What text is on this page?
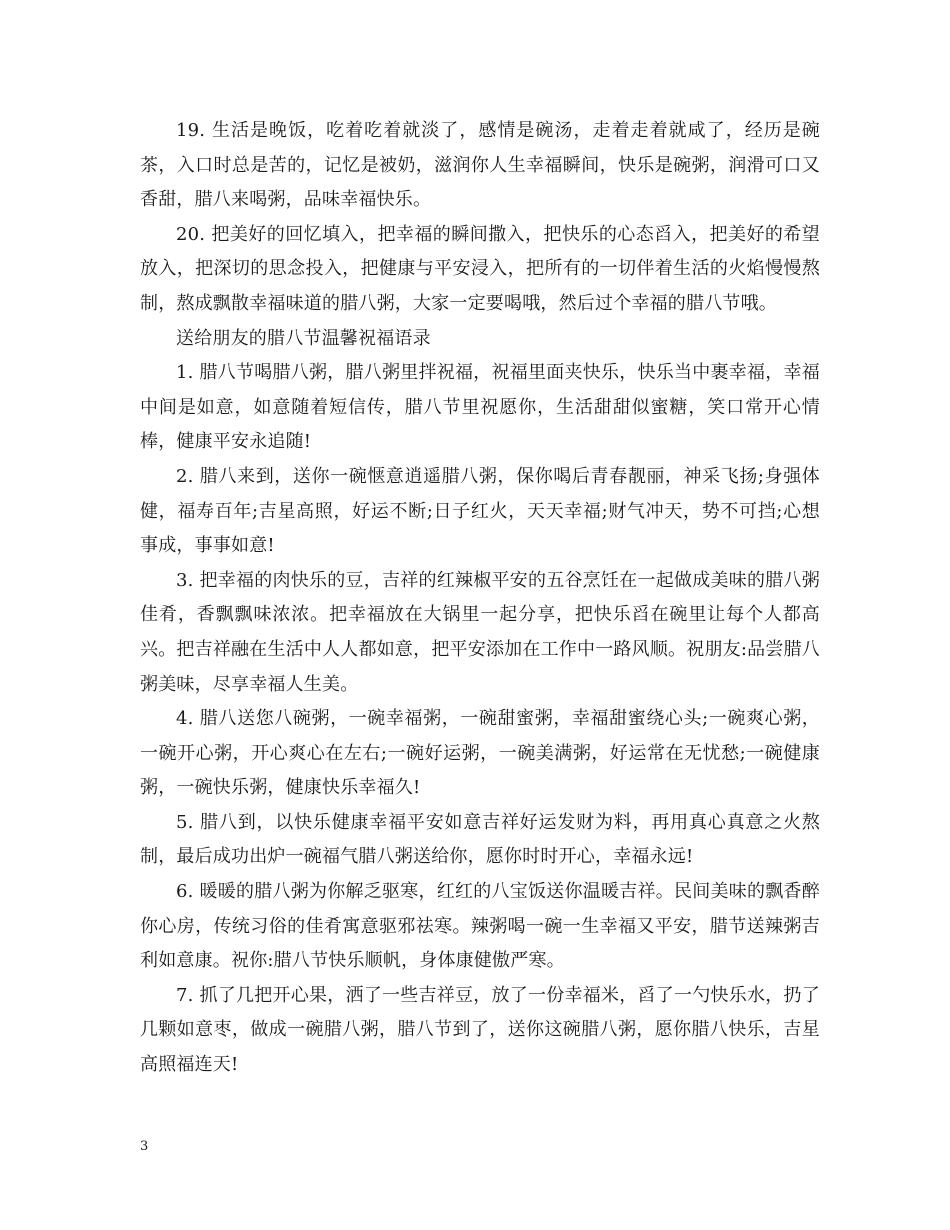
19. 生活是晚饭，吃着吃着就淡了，感情是碗汤，走着走着就咸了，经历是碗茶，入口时总是苦的，记忆是被奶，滋润你人生幸福瞬间，快乐是碗粥，润滑可口又香甜，腊八来喝粥，品味幸福快乐。

20. 把美好的回忆填入，把幸福的瞬间撒入，把快乐的心态舀入，把美好的希望放入，把深切的思念投入，把健康与平安浸入，把所有的一切伴着生活的火焰慢慢熬制，熬成飘散幸福味道的腊八粥，大家一定要喝哦，然后过个幸福的腊八节哦。

送给朋友的腊八节温馨祝福语录

1. 腊八节喝腊八粥，腊八粥里拌祝福，祝福里面夹快乐，快乐当中裹幸福，幸福中间是如意，如意随着短信传，腊八节里祝愿你，生活甜甜似蜜糖，笑口常开心情棒，健康平安永追随!

2. 腊八来到，送你一碗惬意逍遥腊八粥，保你喝后青春靓丽，神采飞扬;身强体健，福寿百年;吉星高照，好运不断;日子红火，天天幸福;财气冲天，势不可挡;心想事成，事事如意!

3. 把幸福的肉快乐的豆，吉祥的红辣椒平安的五谷烹饪在一起做成美味的腊八粥佳肴，香飘飘味浓浓。把幸福放在大锅里一起分享，把快乐舀在碗里让每个人都高兴。把吉祥融在生活中人人都如意，把平安添加在工作中一路风顺。祝朋友:品尝腊八粥美味，尽享幸福人生美。

4. 腊八送您八碗粥，一碗幸福粥，一碗甜蜜粥，幸福甜蜜绕心头;一碗爽心粥，一碗开心粥，开心爽心在左右;一碗好运粥，一碗美满粥，好运常在无忧愁;一碗健康粥，一碗快乐粥，健康快乐幸福久!

5. 腊八到，以快乐健康幸福平安如意吉祥好运发财为料，再用真心真意之火熬制，最后成功出炉一碗福气腊八粥送给你，愿你时时开心，幸福永远!

6. 暖暖的腊八粥为你解乏驱寒，红红的八宝饭送你温暖吉祥。民间美味的飘香醉你心房，传统习俗的佳肴寓意驱邪祛寒。辣粥喝一碗一生幸福又平安，腊节送辣粥吉利如意康。祝你:腊八节快乐顺帆，身体康健傲严寒。

7. 抓了几把开心果，洒了一些吉祥豆，放了一份幸福米，舀了一勺快乐水，扔了几颗如意枣，做成一碗腊八粥，腊八节到了，送你这碗腊八粥，愿你腊八快乐，吉星高照福连天!

3
